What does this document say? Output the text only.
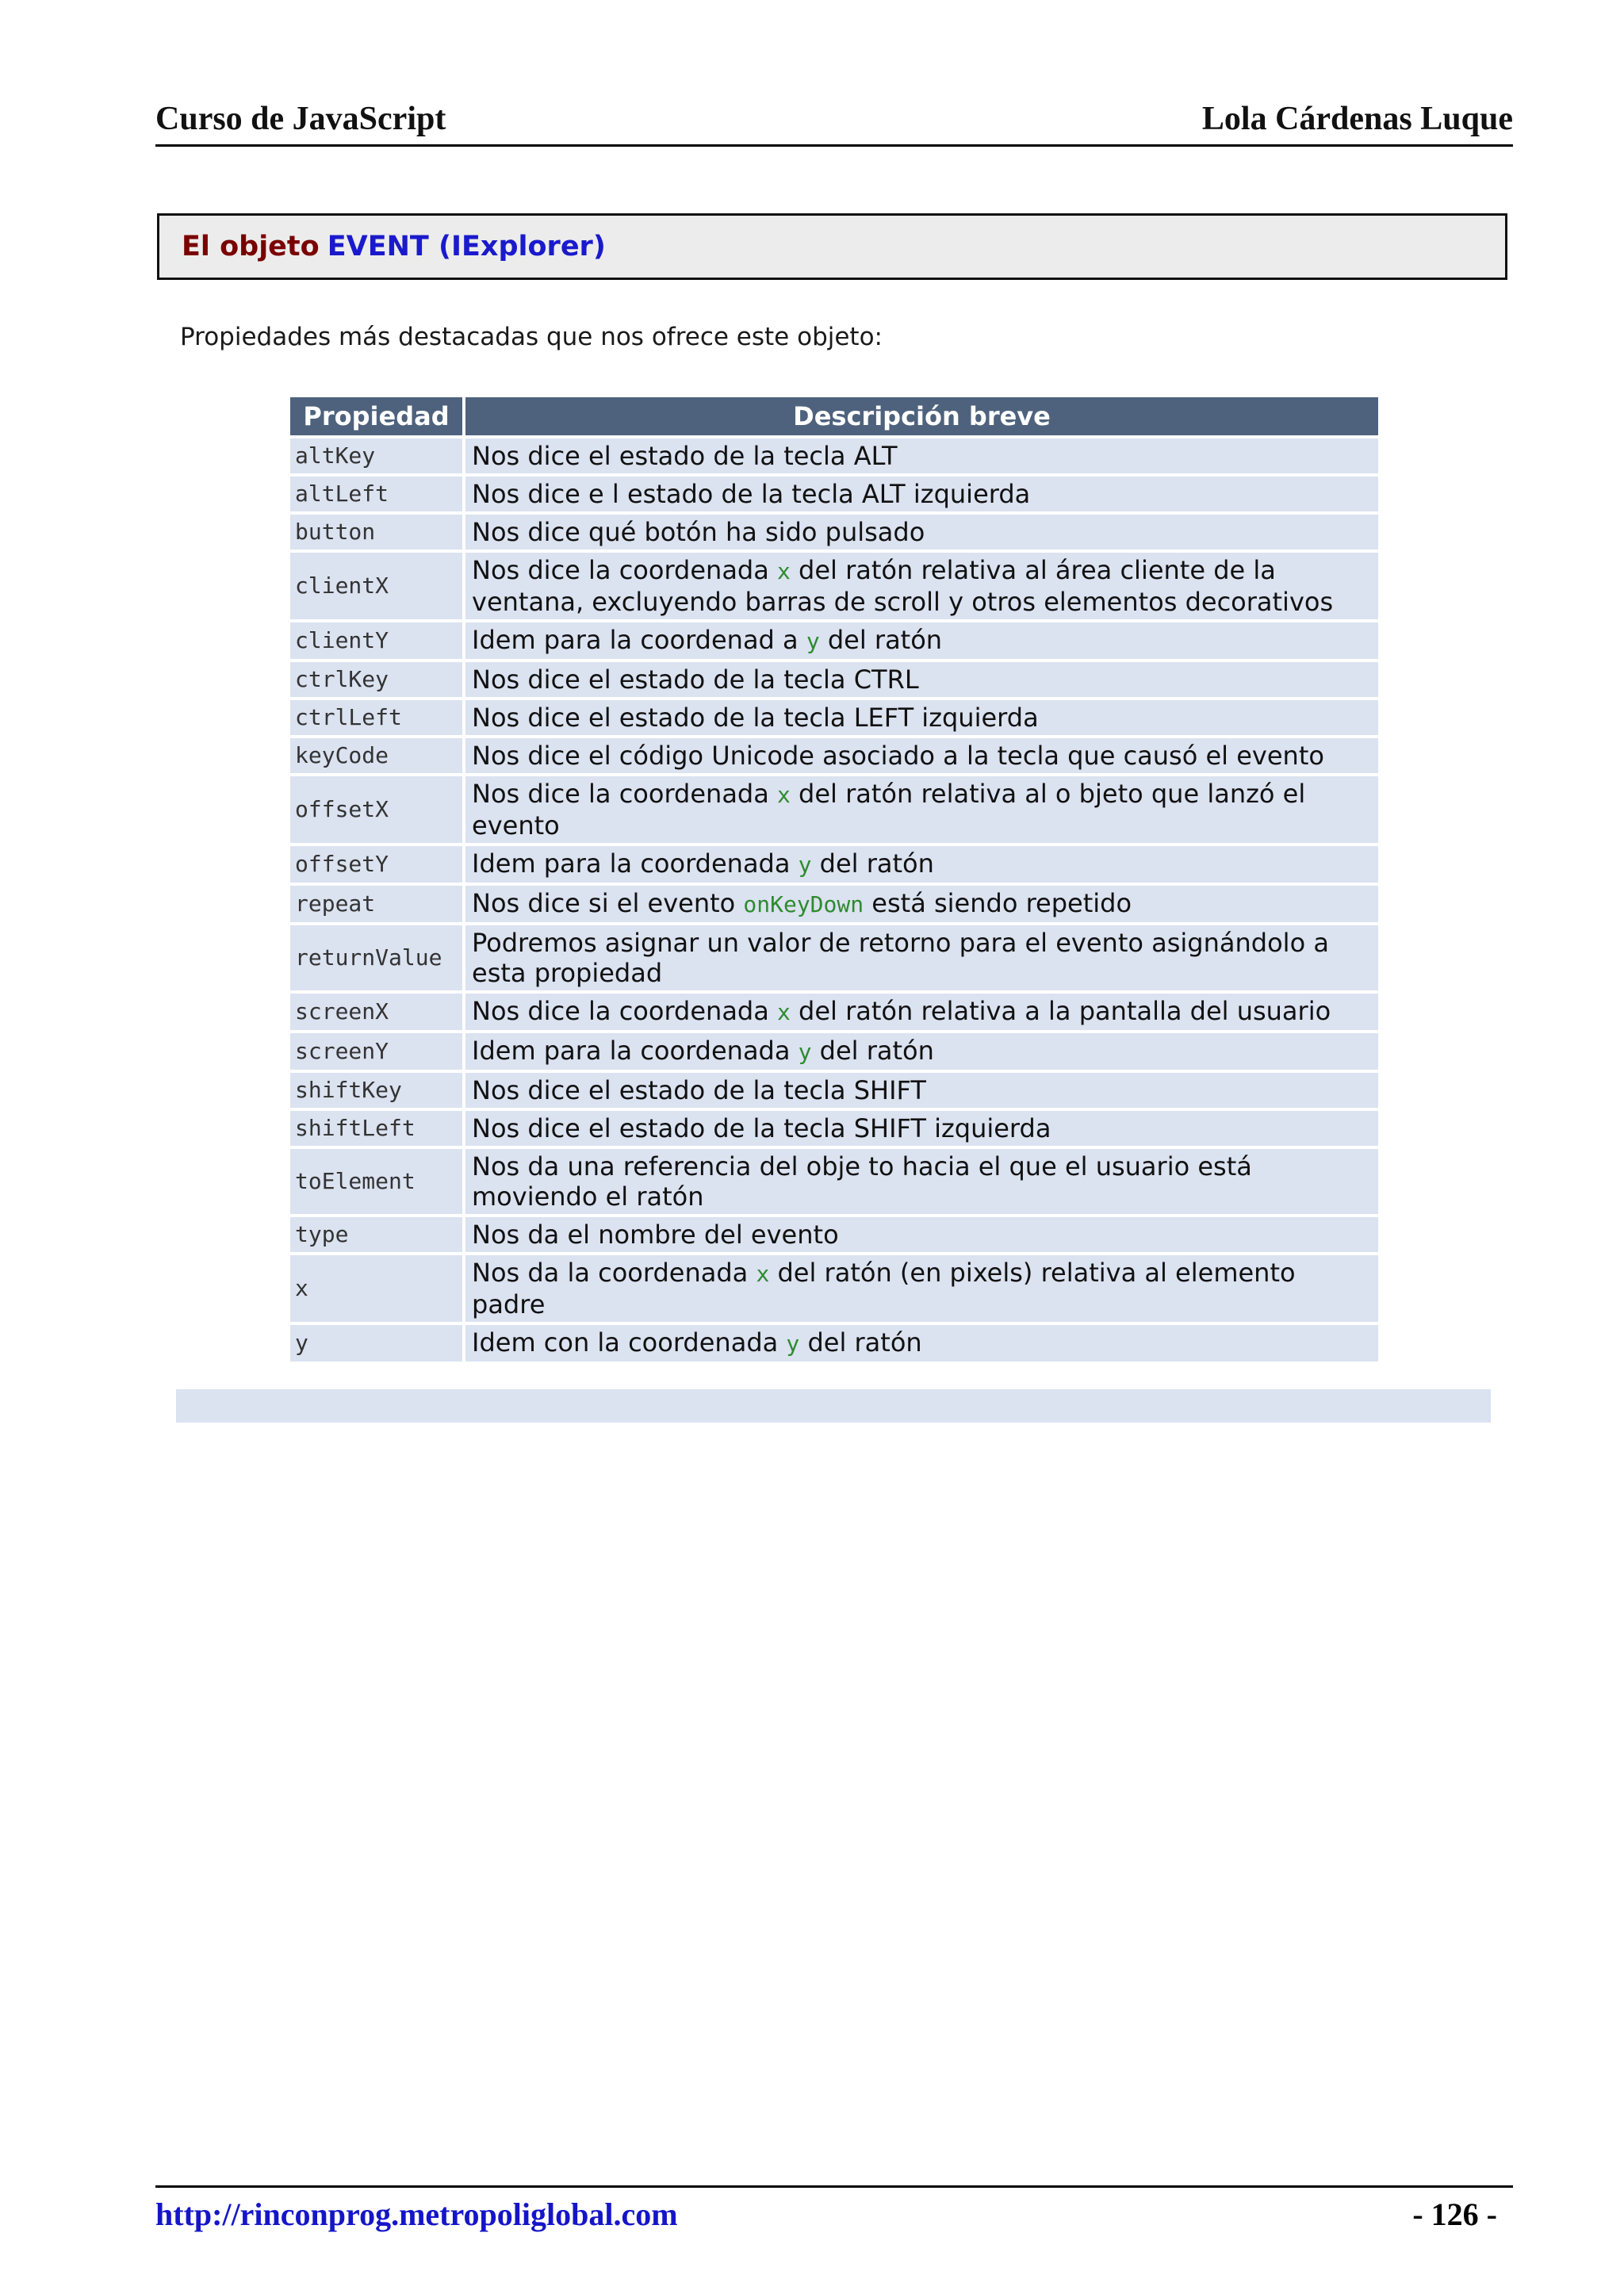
Curso de JavaScript	Lola Cárdenas Luque
El objeto EVENT (IExplorer)
Propiedades más destacadas que nos ofrece este objeto:
Propiedad	Descripción breve
altKey	Nos dice el estado de la tecla ALT
altLeft	Nos dice e l estado de la tecla ALT izquierda
button	Nos dice qué botón ha sido pulsado
clientX	Nos dice la coordenada x del ratón relativa al área cliente de la ventana, excluyendo barras de scroll y otros elementos decorativos
clientY	Idem para la coordenad a y del ratón
ctrlKey	Nos dice el estado de la tecla CTRL
ctrlLeft	Nos dice el estado de la tecla LEFT izquierda
keyCode	Nos dice el código Unicode asociado a la tecla que causó el evento
offsetX	Nos dice la coordenada x del ratón relativa al o bjeto que lanzó el evento
offsetY	Idem para la coordenada y del ratón
repeat	Nos dice si el evento onKeyDown está siendo repetido
returnValue	Podremos asignar un valor de retorno para el evento asignándolo a esta propiedad
screenX	Nos dice la coordenada x del ratón relativa a la pantalla del usuario
screenY	Idem para la coordenada y del ratón
shiftKey	Nos dice el estado de la tecla SHIFT
shiftLeft	Nos dice el estado de la tecla SHIFT izquierda
toElement	Nos da una referencia del obje to hacia el que el usuario está moviendo el ratón
type	Nos da el nombre del evento
x	Nos da la coordenada x del ratón (en pixels) relativa al elemento padre
y	Idem con la coordenada y del ratón
http://rinconprog.metropoliglobal.com	- 126 -
